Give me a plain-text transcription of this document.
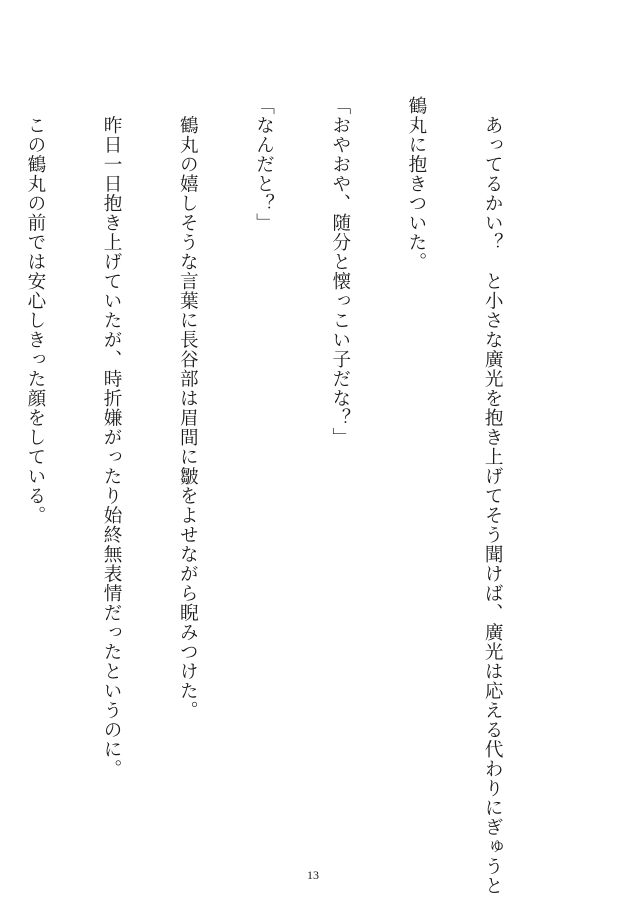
　あってるかい？　と小さな廣光を抱き上げてそう聞けば、廣光は応える代わりにぎゅうと

鶴丸に抱きついた。

「おやおや、随分と懐っこい子だな？」

「なんだと？」

　鶴丸の嬉しそうな言葉に長谷部は眉間に皺をよせながら睨みつけた。

　昨日一日抱き上げていたが、時折嫌がったり始終無表情だったというのに。

　この鶴丸の前では安心しきった顔をしている。

13
